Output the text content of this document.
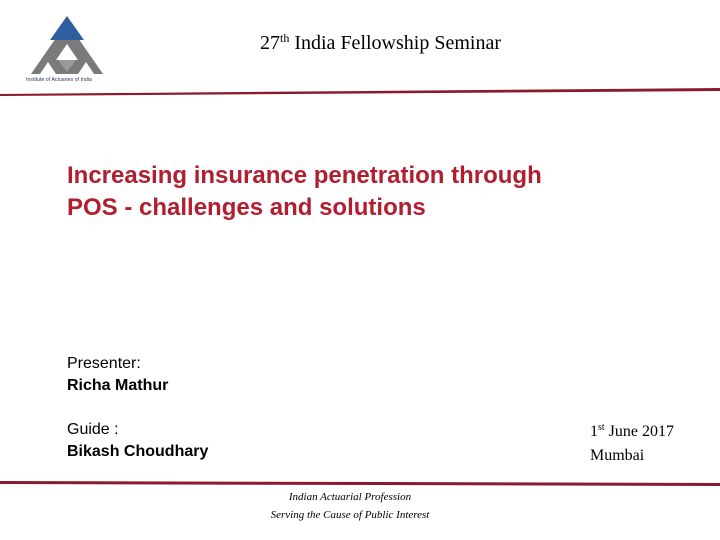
Institute of Actuaries of India
27th India Fellowship Seminar
Increasing insurance penetration through
POS - challenges and solutions
Presenter:
Richa Mathur
Guide :
Bikash Choudhary
1st June 2017
Mumbai
Indian Actuarial Profession
Serving the Cause of Public Interest
